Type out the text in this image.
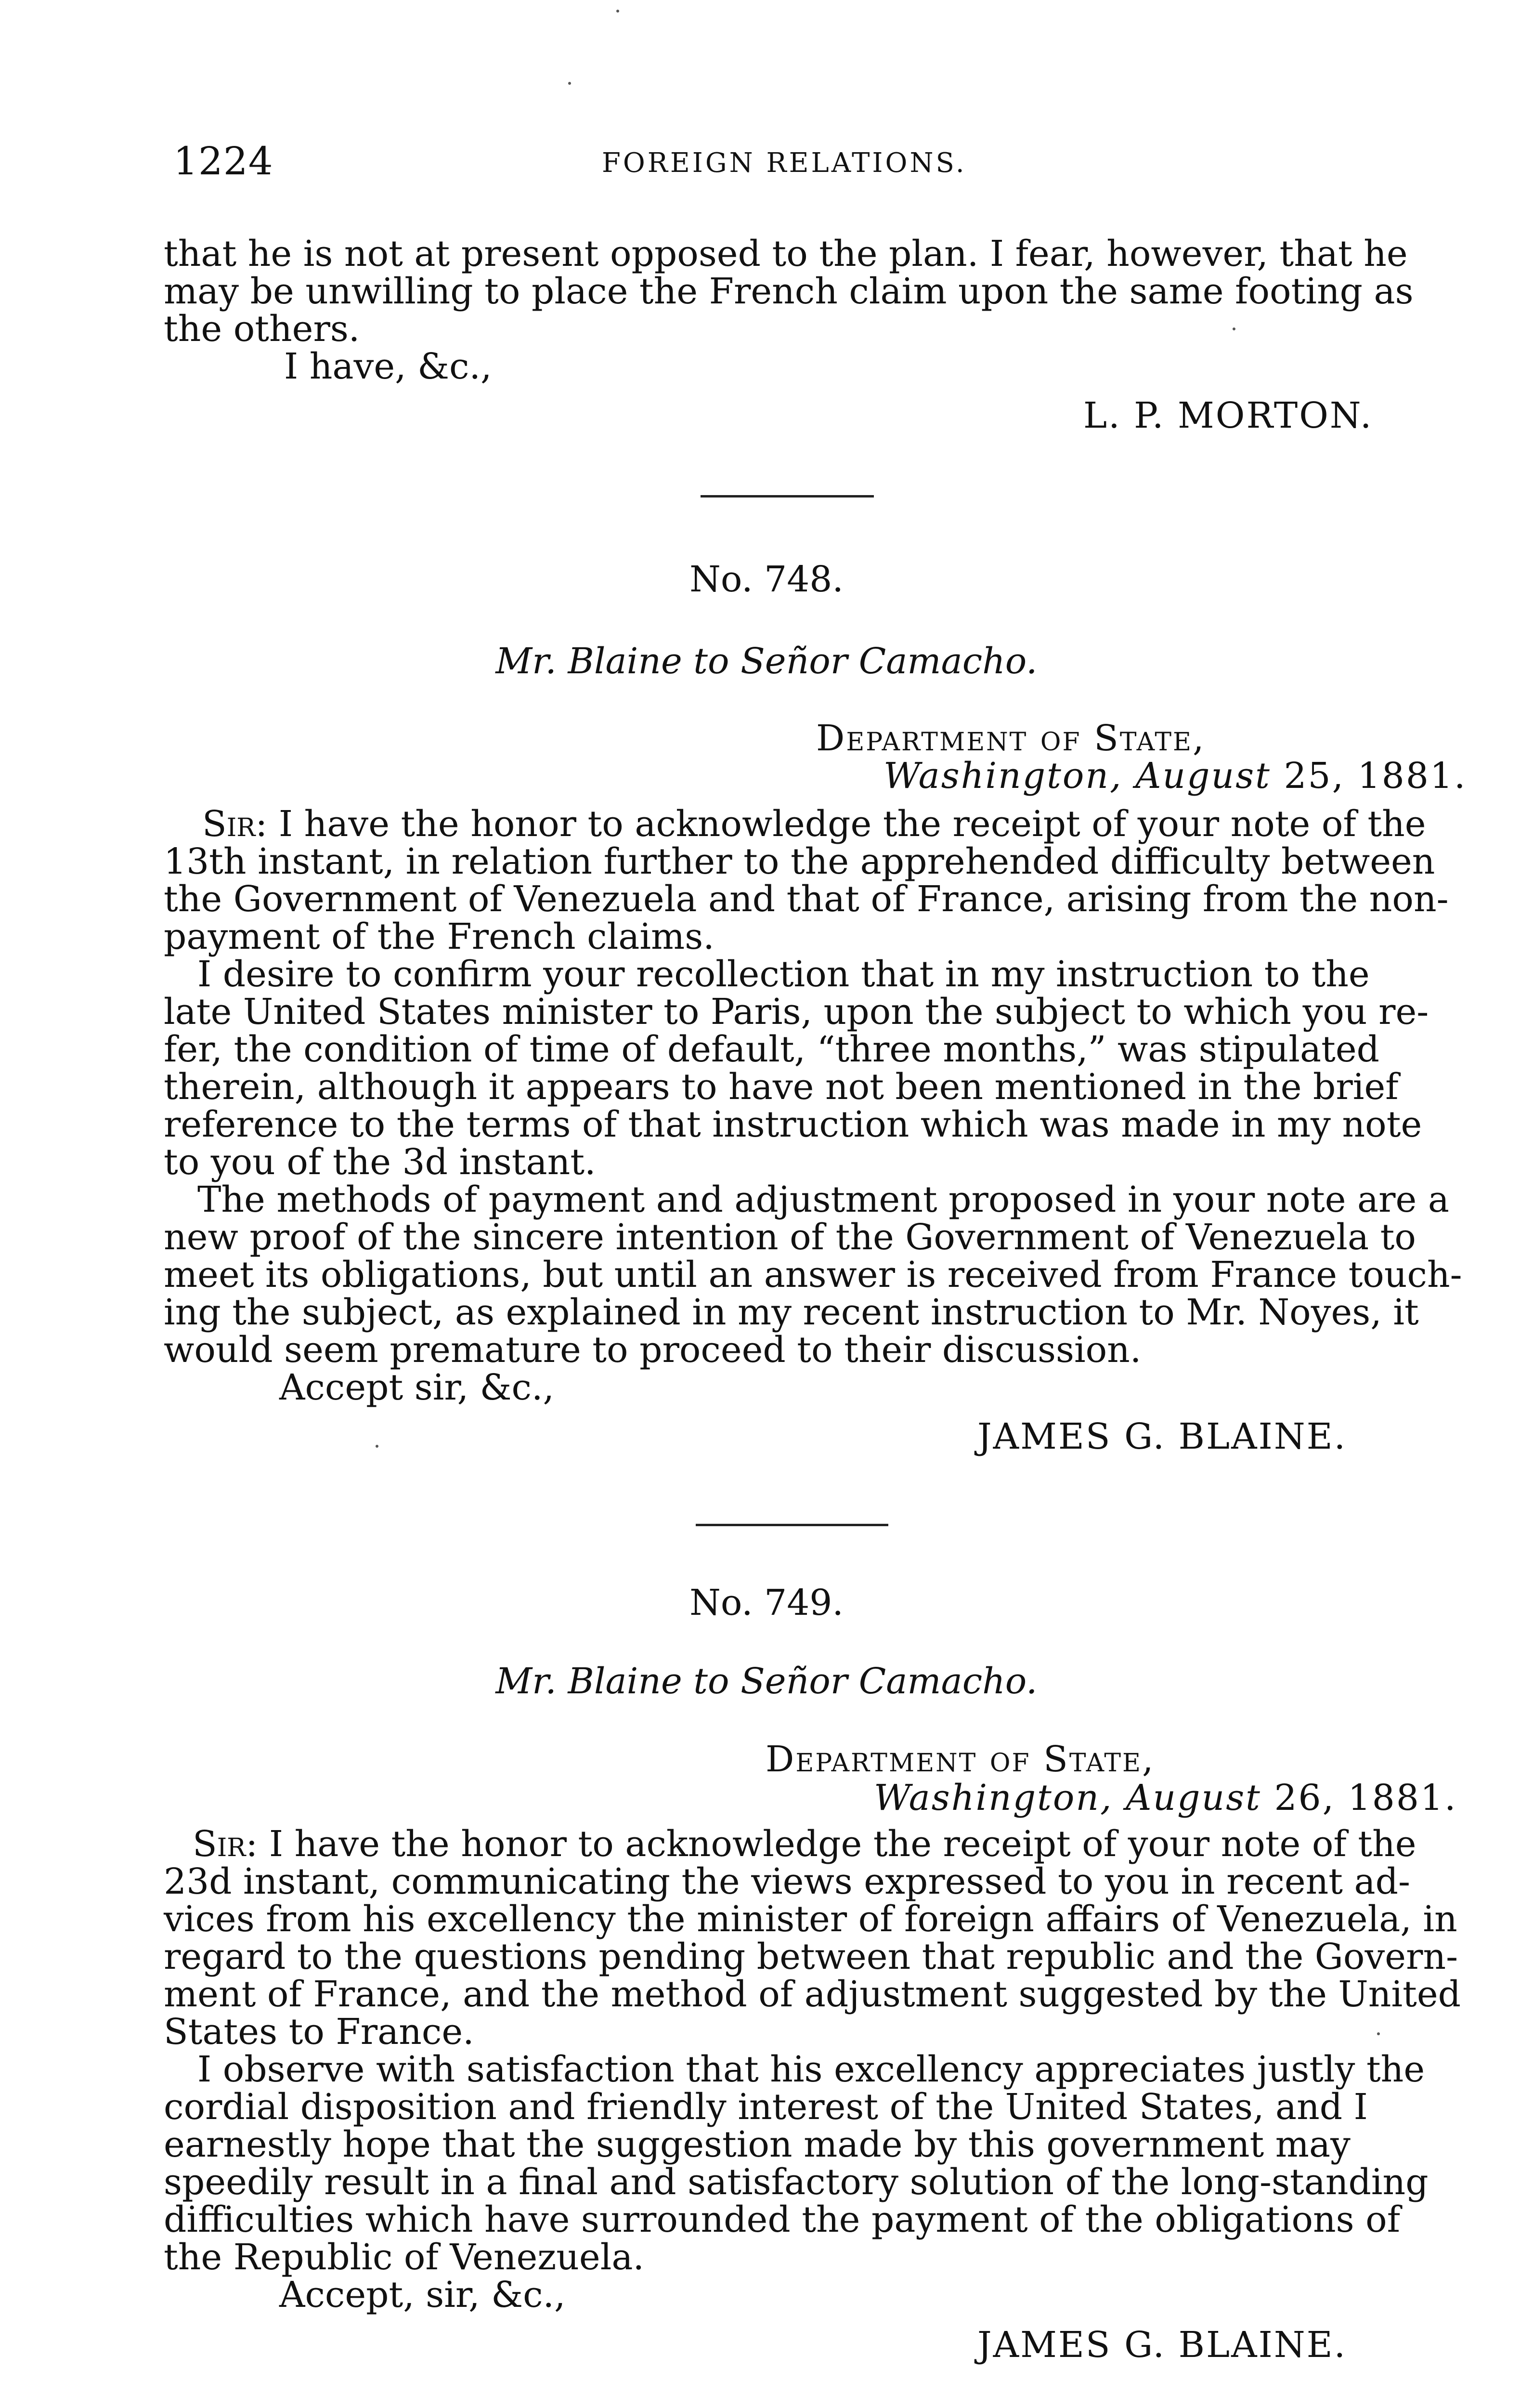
1224	FOREIGN RELATIONS.
that he is not at present opposed to the plan. I fear, however, that he
may be unwilling to place the French claim upon the same footing as
the others.
I have, &c.,
L. P. MORTON.
No. 748.
Mr. Blaine to Señor Camacho.
Department of State,
Washington, August 25, 1881.
Sir: I have the honor to acknowledge the receipt of your note of the
13th instant, in relation further to the apprehended difficulty between
the Government of Venezuela and that of France, arising from the non-
payment of the French claims.
I desire to confirm your recollection that in my instruction to the
late United States minister to Paris, upon the subject to which you re-
fer, the condition of time of default, “three months,” was stipulated
therein, although it appears to have not been mentioned in the brief
reference to the terms of that instruction which was made in my note
to you of the 3d instant.
The methods of payment and adjustment proposed in your note are a
new proof of the sincere intention of the Government of Venezuela to
meet its obligations, but until an answer is received from France touch-
ing the subject, as explained in my recent instruction to Mr. Noyes, it
would seem premature to proceed to their discussion.
Accept sir, &c.,
JAMES G. BLAINE.
No. 749.
Mr. Blaine to Señor Camacho.
Department of State,
Washington, August 26, 1881.
Sir: I have the honor to acknowledge the receipt of your note of the
23d instant, communicating the views expressed to you in recent ad-
vices from his excellency the minister of foreign affairs of Venezuela, in
regard to the questions pending between that republic and the Govern-
ment of France, and the method of adjustment suggested by the United
States to France.
I observe with satisfaction that his excellency appreciates justly the
cordial disposition and friendly interest of the United States, and I
earnestly hope that the suggestion made by this government may
speedily result in a final and satisfactory solution of the long-standing
difficulties which have surrounded the payment of the obligations of
the Republic of Venezuela.
Accept, sir, &c.,
JAMES G. BLAINE.
